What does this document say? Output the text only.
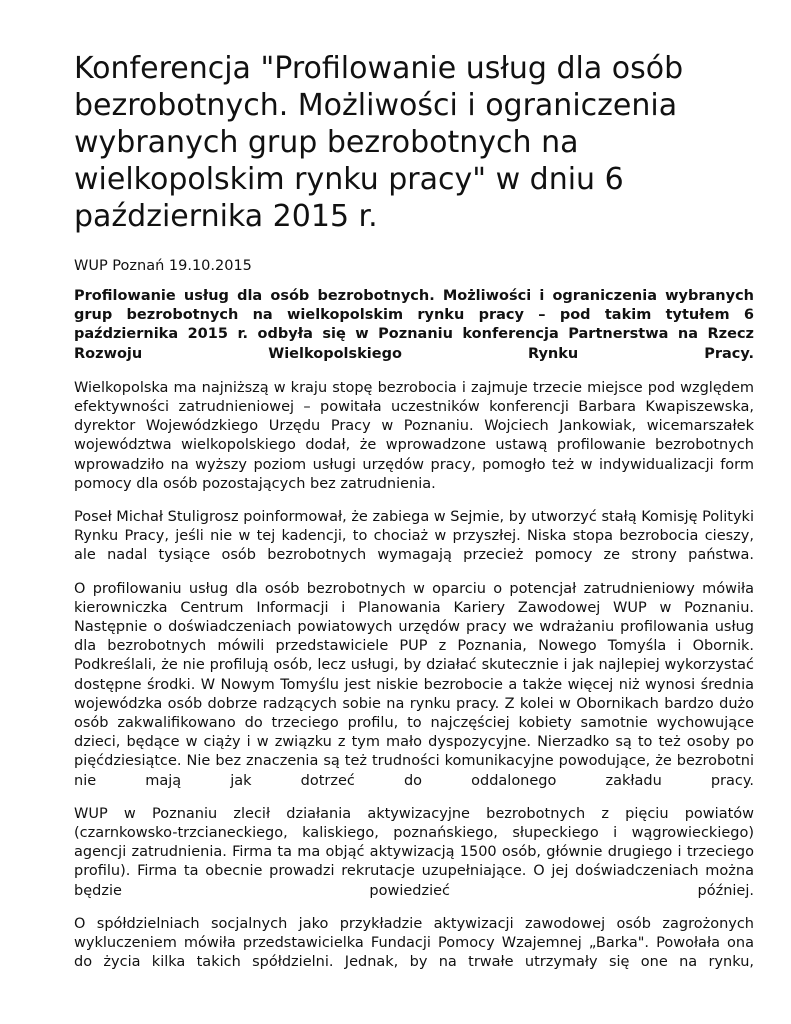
Konferencja "Profilowanie usług dla osób bezrobotnych. Możliwości i ograniczenia wybranych grup bezrobotnych na wielkopolskim rynku pracy" w dniu 6 października 2015 r.
WUP Poznań 19.10.2015

Profilowanie usług dla osób bezrobotnych. Możliwości i ograniczenia wybranych grup bezrobotnych na wielkopolskim rynku pracy – pod takim tytułem 6 października 2015 r. odbyła się w Poznaniu konferencja Partnerstwa na Rzecz Rozwoju Wielkopolskiego Rynku Pracy.

Wielkopolska ma najniższą w kraju stopę bezrobocia i zajmuje trzecie miejsce pod względem efektywności zatrudnieniowej – powitała uczestników konferencji Barbara Kwapiszewska, dyrektor Wojewódzkiego Urzędu Pracy w Poznaniu. Wojciech Jankowiak, wicemarszałek województwa wielkopolskiego dodał, że wprowadzone ustawą profilowanie bezrobotnych wprowadziło na wyższy poziom usługi urzędów pracy, pomogło też w indywidualizacji form pomocy dla osób pozostających bez zatrudnienia.

Poseł Michał Stuligrosz poinformował, że zabiega w Sejmie, by utworzyć stałą Komisję Polityki Rynku Pracy, jeśli nie w tej kadencji, to chociaż w przyszłej. Niska stopa bezrobocia cieszy, ale nadal tysiące osób bezrobotnych wymagają przecież pomocy ze strony państwa.

O profilowaniu usług dla osób bezrobotnych w oparciu o potencjał zatrudnieniowy mówiła kierowniczka Centrum Informacji i Planowania Kariery Zawodowej WUP w Poznaniu. Następnie o doświadczeniach powiatowych urzędów pracy we wdrażaniu profilowania usług dla bezrobotnych mówili przedstawiciele PUP z Poznania, Nowego Tomyśla i Obornik. Podkreślali, że nie profilują osób, lecz usługi, by działać skutecznie i jak najlepiej wykorzystać dostępne środki. W Nowym Tomyślu jest niskie bezrobocie a także więcej niż wynosi średnia wojewódzka osób dobrze radzących sobie na rynku pracy. Z kolei w Obornikach bardzo dużo osób zakwalifikowano do trzeciego profilu, to najczęściej kobiety samotnie wychowujące dzieci, będące w ciąży i w związku z tym mało dyspozycyjne. Nierzadko są to też osoby po pięćdziesiątce. Nie bez znaczenia są też trudności komunikacyjne powodujące, że bezrobotni nie mają jak dotrzeć do oddalonego zakładu pracy.

WUP w Poznaniu zlecił działania aktywizacyjne bezrobotnych z pięciu powiatów (czarnkowsko-trzcianeckiego, kaliskiego, poznańskiego, słupeckiego i wągrowieckiego) agencji zatrudnienia. Firma ta ma objąć aktywizacją 1500 osób, głównie drugiego i trzeciego profilu). Firma ta obecnie prowadzi rekrutacje uzupełniające. O jej doświadczeniach można będzie powiedzieć później.

O spółdzielniach socjalnych jako przykładzie aktywizacji zawodowej osób zagrożonych wykluczeniem mówiła przedstawicielka Fundacji Pomocy Wzajemnej „Barka". Powołała ona do życia kilka takich spółdzielni. Jednak, by na trwałe utrzymały się one na rynku,
